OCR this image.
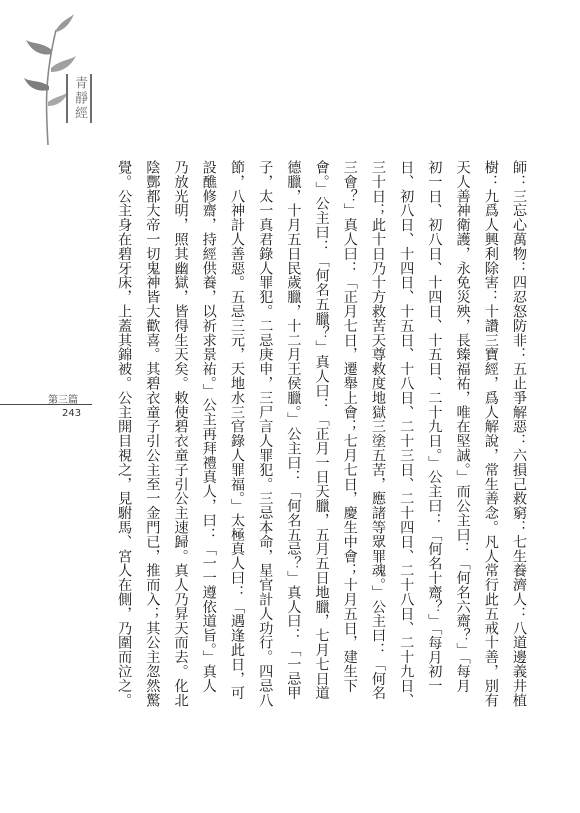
青靜經
第三篇
243	師：三忘心萬物：四忍怒防非：五止爭解惡：六損己救窮：七生養濟人：八道邊義井植
樹：九爲人興利除害：十讚三寶經，爲人解說，常生善念。凡人常行此五戒十善，別有
天人善神衛護，永免災殃，長臻福祐，唯在堅誠。」而公主曰：「何名六齋？」「每月
初一日、初八日、十四日、十五日、二十九日。」公主曰：「何名十齋？」「每月初一
日、初八日、十四日、十五日、十八日、二十三日、二十四日、二十八日、二十九日、
三十日；此十日乃十方救苦天尊救度地獄三塗五苦，應諸等眾罪魂。」公主曰：「何名
三會？」真人曰：「正月七日，遷舉上會；七月七日，慶生中會；十月五日，建生下
會。」公主曰：「何名五臘？」真人曰：「正月一日天臘，五月五日地臘，七月七日道
德臘，十月五日民歲臘，十二月王侯臘。」公主曰：「何名五忌？」真人曰：「一忌甲
子，太一真君錄人罪犯。二忌庚申，三尸言人罪犯。三忌本命，星官計人功行。四忌八
節，八神計人善惡。五忌三元，天地水三官錄人罪福。」太極真人曰：「遇逢此日，可
設醮修齋，持經供養，以祈求景祐。」公主再拜禮真人，曰：「一一遵依道旨。」真人
乃放光明，照其幽獄，皆得生天矣。敕使碧衣童子引公主速歸。真人乃昇天而去。化北
陰酆都大帝一切鬼神皆大歡喜。其碧衣童子引公主至一金門已，推而入；其公主忽然驚
覺。公主身在碧牙床，上蓋其錦被。公主開目視之，見駙馬、宮人在側，乃圍而泣之。
